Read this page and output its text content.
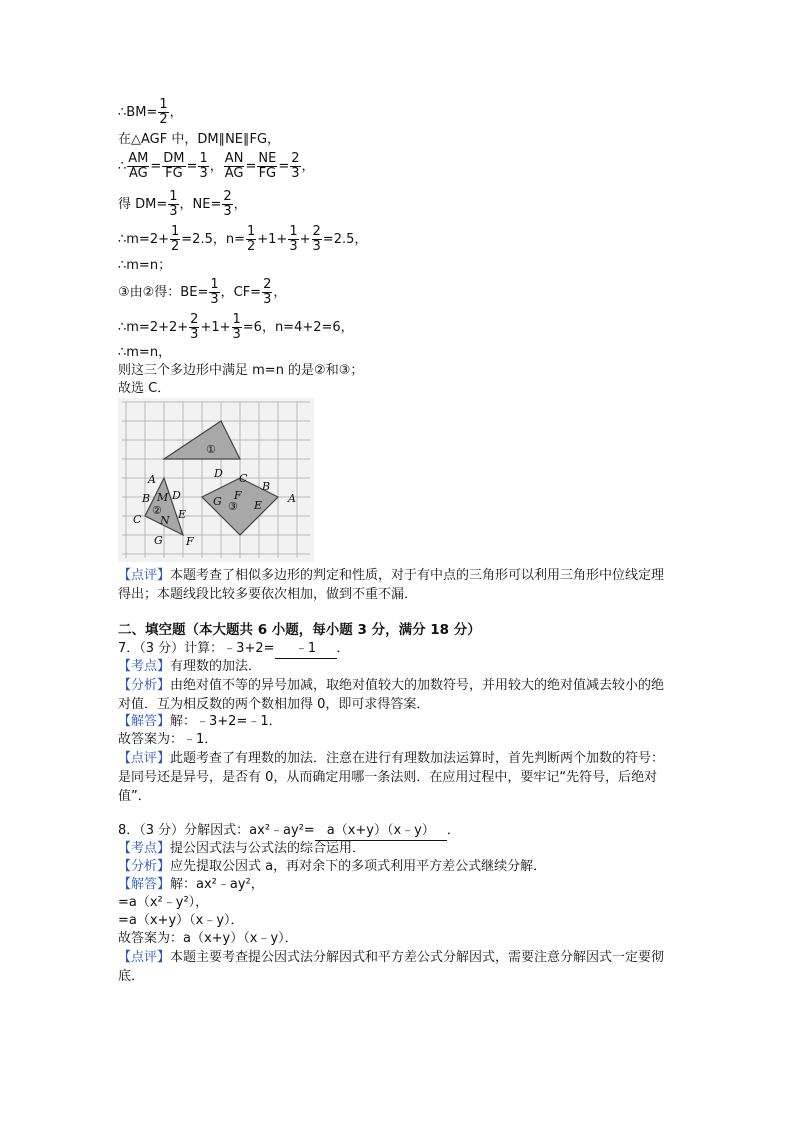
∴BM= $\frac{1}{2}$ ，
在△AGF 中，DM∥NE∥FG，
∴ $\frac{AM}{AG} = \frac{DM}{FG} = \frac{1}{3}$ ， $\frac{AN}{AG} = \frac{NE}{FG} = \frac{2}{3}$ ，
得 $DM= \frac{1}{3}$ ，$NE= \frac{2}{3}$ ，
∴m=2+ $\frac{1}{2} =2.5$，$n= \frac{1}{2} +1+ \frac{1}{3} + \frac{2}{3} =2.5$，
∴m=n；
③由②得：$BE= \frac{1}{3}$ ，$CF= \frac{2}{3}$ ，
∴m=2+2+ $\frac{2}{3} +1+ \frac{1}{3} =6$，n=4+2=6，
∴m=n，
则这三个多边形中满足 m=n 的是②和③；
故选 C．
①
A
B M D
②
C N E
G F
D C
B
F	A
G ③ E
【点评】本题考查了相似多边形的判定和性质，对于有中点的三角形可以利用三角形中位线定理得出；本题线段比较多要依次相加，做到不重不漏．
二、填空题（本大题共 6 小题，每小题 3 分，满分 18 分）
7．（3 分）计算：﹣3+2= ﹣1 ．
【考点】有理数的加法．
【分析】由绝对值不等的异号加减，取绝对值较大的加数符号，并用较大的绝对值减去较小的绝对值．互为相反数的两个数相加得 0，即可求得答案．
【解答】解：﹣3+2=﹣1．
故答案为：﹣1．
【点评】此题考查了有理数的加法．注意在进行有理数加法运算时，首先判断两个加数的符号：是同号还是异号，是否有 0，从而确定用哪一条法则．在应用过程中，要牢记“先符号，后绝对值”．
8．（3 分）分解因式：ax²﹣ay²= a（x+y）（x﹣y） ．
【考点】提公因式法与公式法的综合运用．
【分析】应先提取公因式 a，再对余下的多项式利用平方差公式继续分解．
【解答】解：ax²﹣ay²，
=a（x²﹣y²），
=a（x+y）（x﹣y）．
故答案为：a（x+y）（x﹣y）．
【点评】本题主要考查提公因式法分解因式和平方差公式分解因式，需要注意分解因式一定要彻底．
